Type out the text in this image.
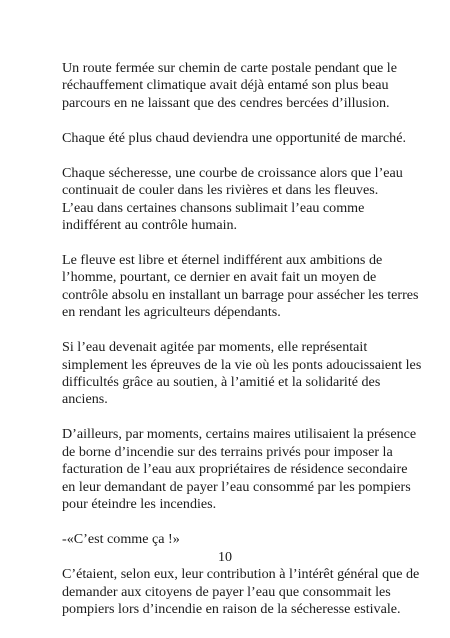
Un route fermée sur chemin de carte postale pendant que le
réchauffement climatique avait déjà entamé son plus beau
parcours en ne laissant que des cendres bercées d’illusion.

Chaque été plus chaud deviendra une opportunité de marché.

Chaque sécheresse, une courbe de croissance alors que l’eau
continuait de couler dans les rivières et dans les fleuves.
L’eau dans certaines chansons sublimait l’eau comme
indifférent au contrôle humain.

Le fleuve est libre et éternel indifférent aux ambitions de
l’homme, pourtant, ce dernier en avait fait un moyen de
contrôle absolu en installant un barrage pour assécher les terres
en rendant les agriculteurs dépendants.

Si l’eau devenait agitée par moments, elle représentait
simplement les épreuves de la vie où les ponts adoucissaient les
difficultés grâce au soutien, à l’amitié et la solidarité des
anciens.

D’ailleurs, par moments, certains maires utilisaient la présence
de borne d’incendie sur des terrains privés pour imposer la
facturation de l’eau aux propriétaires de résidence secondaire
en leur demandant de payer l’eau consommé par les pompiers
pour éteindre les incendies.

-«C’est comme ça !»

C’étaient, selon eux, leur contribution à l’intérêt général que de
demander aux citoyens de payer l’eau que consommait les
pompiers lors d’incendie en raison de la sécheresse estivale.

10
